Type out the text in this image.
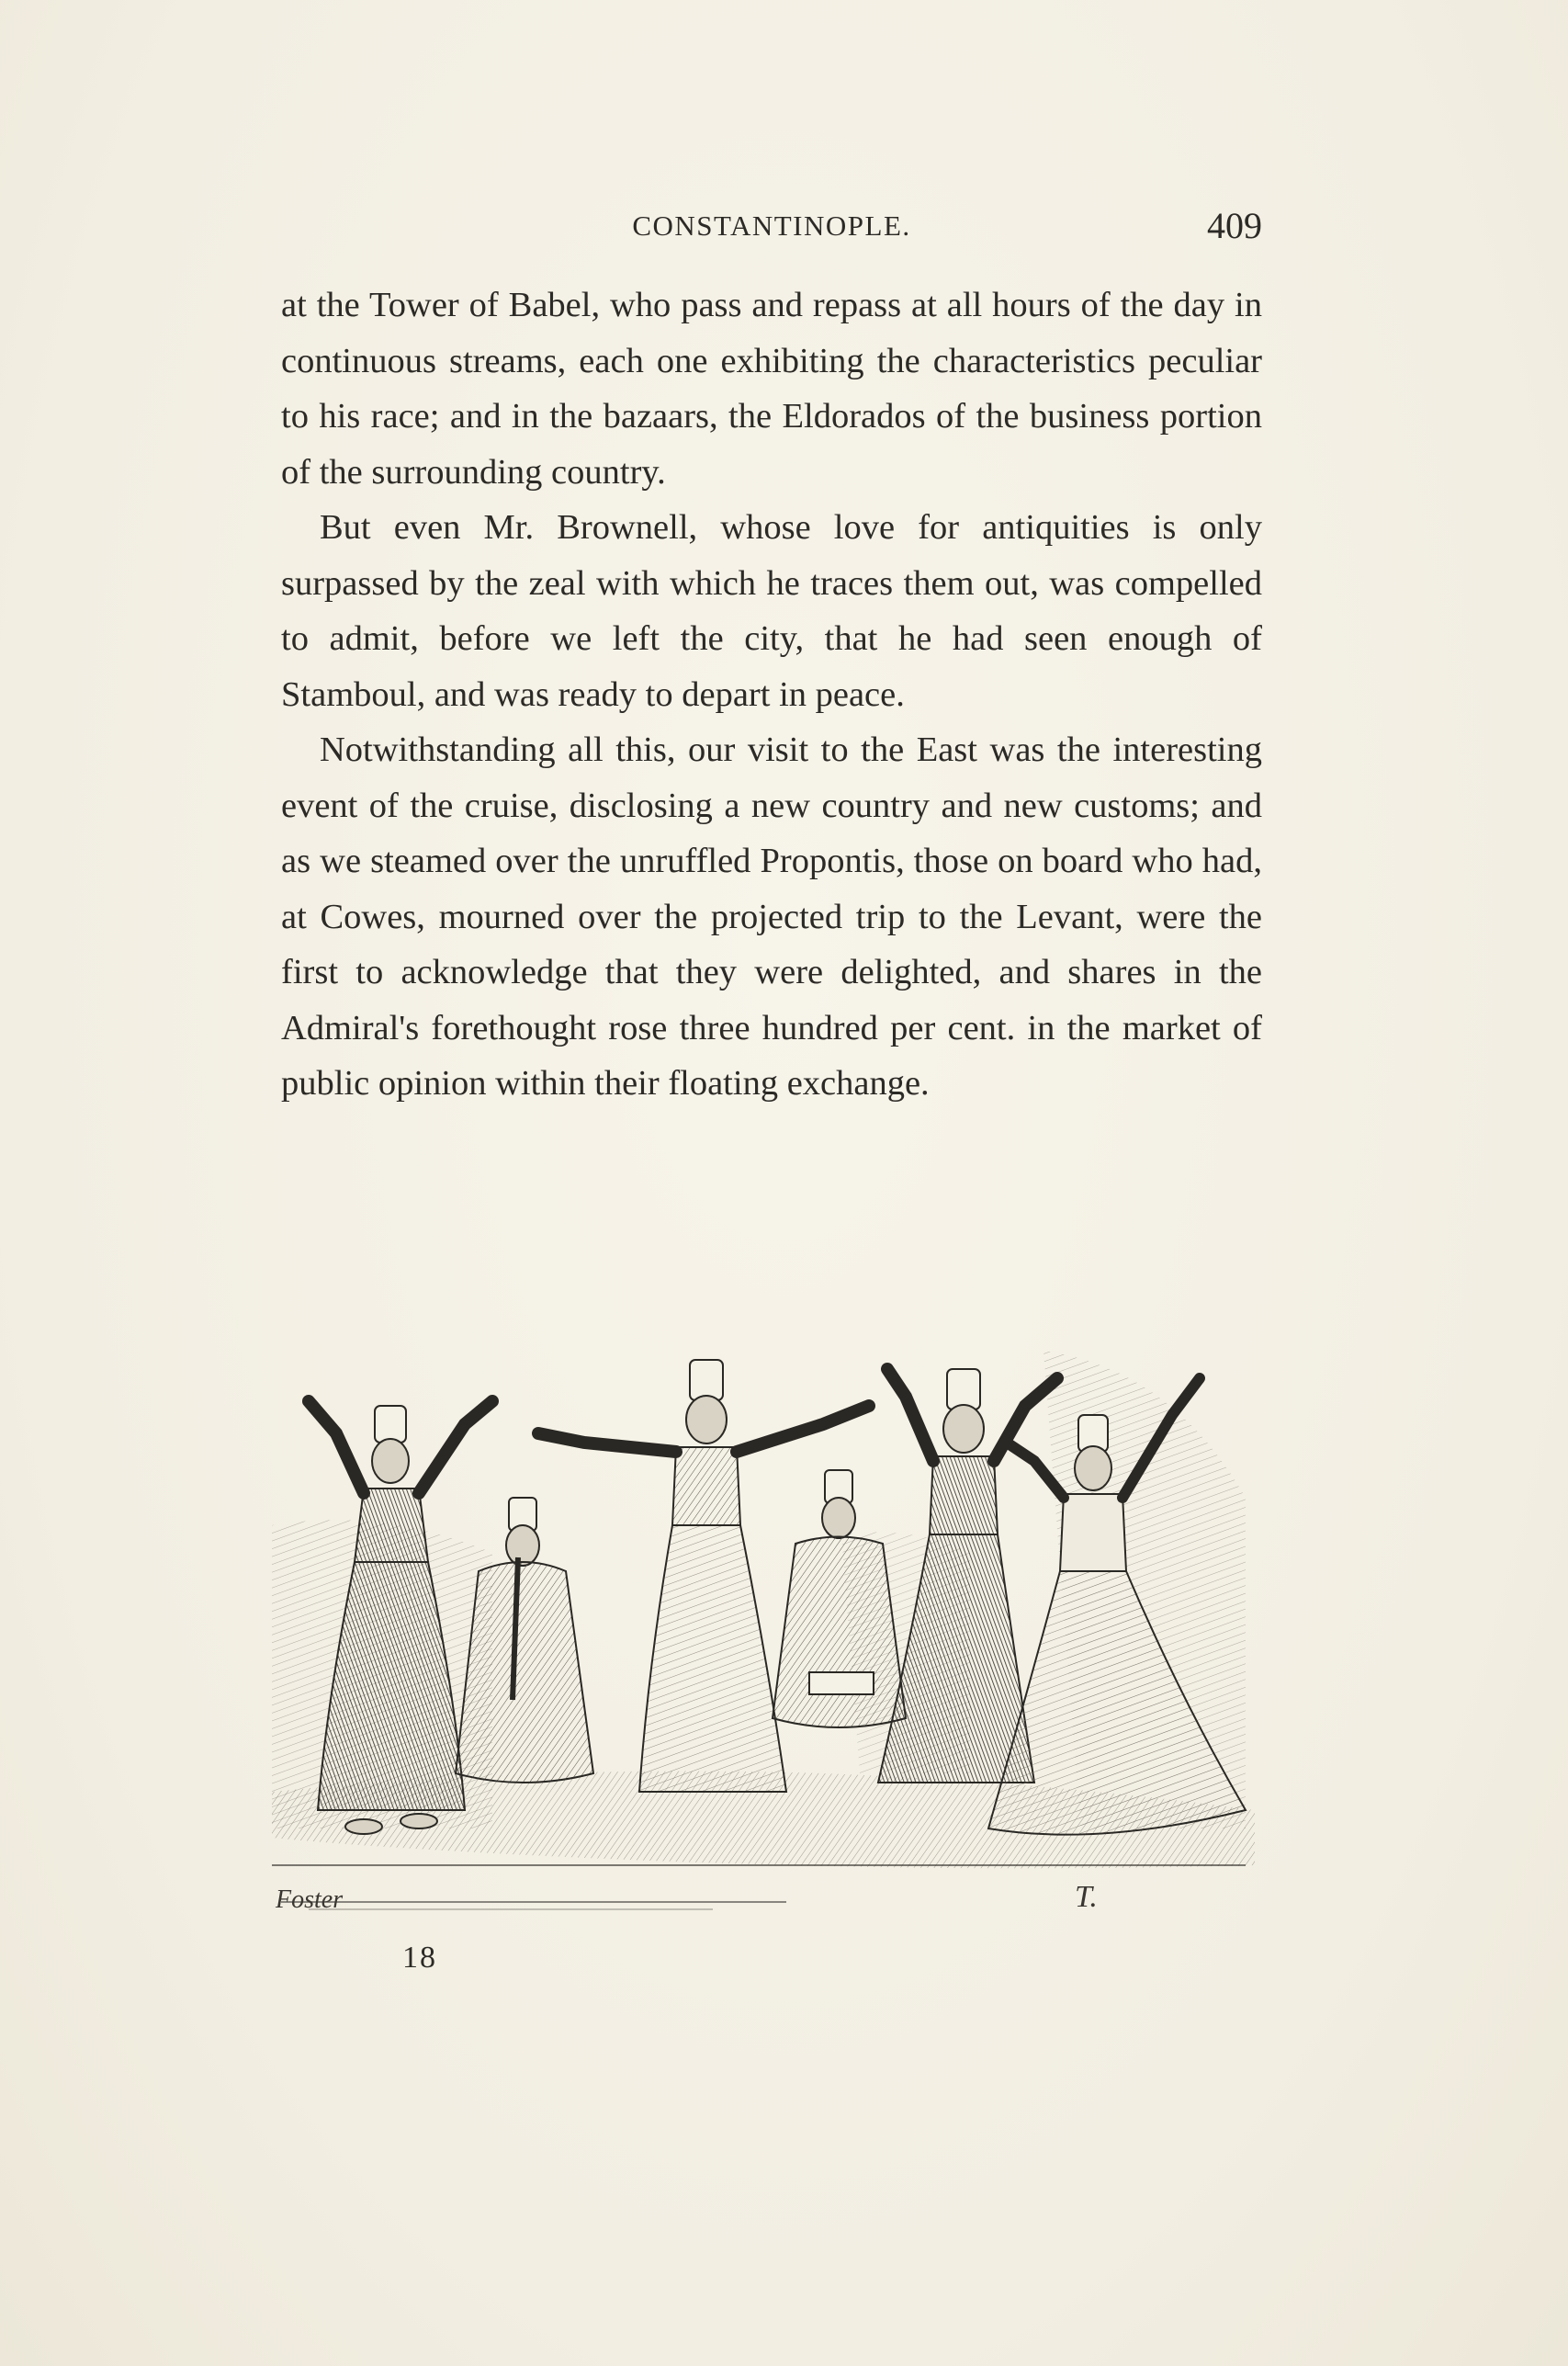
CONSTANTINOPLE.	409

at the Tower of Babel, who pass and repass at all hours of the day in continuous streams, each one exhibiting the characteristics peculiar to his race; and in the bazaars, the Eldorados of the business portion of the surrounding country.

But even Mr. Brownell, whose love for antiquities is only surpassed by the zeal with which he traces them out, was compelled to admit, before we left the city, that he had seen enough of Stamboul, and was ready to depart in peace.

Notwithstanding all this, our visit to the East was the interesting event of the cruise, disclosing a new country and new customs; and as we steamed over the unruffled Propontis, those on board who had, at Cowes, mourned over the projected trip to the Levant, were the first to acknowledge that they were delighted, and shares in the Admiral's forethought rose three hundred per cent. in the market of public opinion within their floating exchange.

Foster	T.
18
